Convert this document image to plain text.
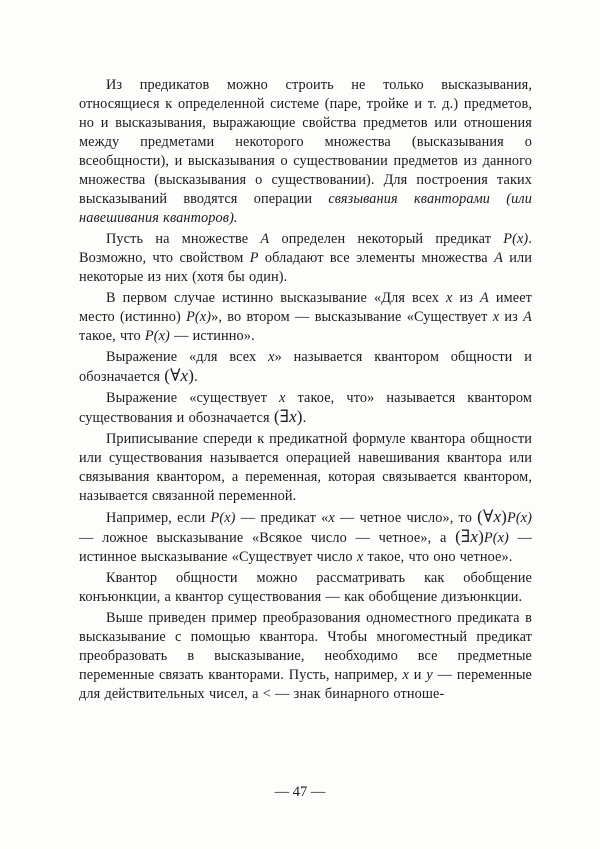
Из предикатов можно строить не только высказывания, относящиеся к определенной системе (паре, тройке и т. д.) предметов, но и высказывания, выражающие свойства предметов или отношения между предметами некоторого множества (высказывания о всеобщности), и высказывания о существовании предметов из данного множества (высказывания о существовании). Для построения таких высказываний вводятся операции связывания кванторами (или навешивания кванторов).

Пусть на множестве A определен некоторый предикат P(x). Возможно, что свойством P обладают все элементы множества A или некоторые из них (хотя бы один).

В первом случае истинно высказывание «Для всех x из A имеет место (истинно) P(x)», во втором — высказывание «Существует x из A такое, что P(x) — истинно».

Выражение «для всех x» называется квантором общности и обозначается (∀x).

Выражение «существует x такое, что» называется квантором существования и обозначается (∃x).

Приписывание спереди к предикатной формуле квантора общности или существования называется операцией навешивания квантора или связывания квантором, а переменная, которая связывается квантором, называется связанной переменной.

Например, если P(x) — предикат «x — четное число», то (∀x)P(x) — ложное высказывание «Всякое число — четное», а (∃x)P(x) — истинное высказывание «Существует число x такое, что оно четное».

Квантор общности можно рассматривать как обобщение конъюнкции, а квантор существования — как обобщение дизъюнкции.

Выше приведен пример преобразования одноместного предиката в высказывание с помощью квантора. Чтобы многоместный предикат преобразовать в высказывание, необходимо все предметные переменные связать кванторами. Пусть, например, x и y — переменные для действительных чисел, а < — знак бинарного отноше-

— 47 —
